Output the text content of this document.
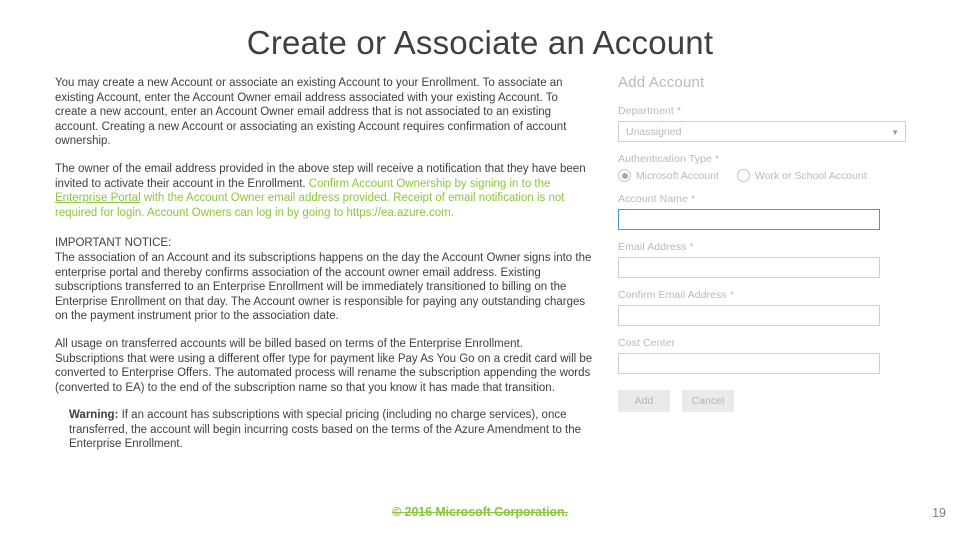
Create or Associate an Account
You may create a new Account or associate an existing Account to your Enrollment. To associate an existing Account, enter the Account Owner email address associated with your existing Account. To create a new account, enter an Account Owner email address that is not associated to an existing account. Creating a new Account or associating an existing Account requires confirmation of account ownership.
The owner of the email address provided in the above step will receive a notification that they have been invited to activate their account in the Enrollment. Confirm Account Ownership by signing in to the Enterprise Portal with the Account Owner email address provided. Receipt of email notification is not required for login. Account Owners can log in by going to https://ea.azure.com.
IMPORTANT NOTICE:
The association of an Account and its subscriptions happens on the day the Account Owner signs into the enterprise portal and thereby confirms association of the account owner email address. Existing subscriptions transferred to an Enterprise Enrollment will be immediately transitioned to billing on the Enterprise Enrollment on that day. The Account owner is responsible for paying any outstanding charges on the payment instrument prior to the association date.
All usage on transferred accounts will be billed based on terms of the Enterprise Enrollment. Subscriptions that were using a different offer type for payment like Pay As You Go on a credit card will be converted to Enterprise Offers. The automated process will rename the subscription appending the words (converted to EA) to the end of the subscription name so that you know it has made that transition.
Warning: If an account has subscriptions with special pricing (including no charge services), once transferred, the account will begin incurring costs based on the terms of the Azure Amendment to the Enterprise Enrollment.
Add Account
Department *
Unassigned	▼
Authentication Type *
Microsoft Account	Work or School Account
Account Name *
Email Address *
Confirm Email Address *
Cost Center
Add	Cancel
© 2016 Microsoft Corporation.	19
